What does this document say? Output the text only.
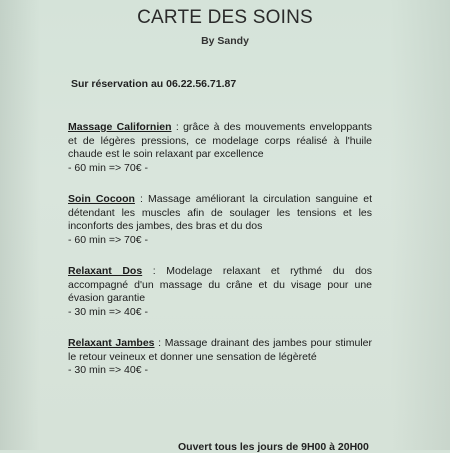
CARTE DES SOINS
By Sandy
Sur réservation au 06.22.56.71.87

Massage Californien : grâce à des mouvements enveloppants et de légères pressions, ce modelage corps réalisé à l'huile chaude est le soin relaxant par excellence

- 60 min => 70€ -

Soin Cocoon : Massage améliorant la circulation sanguine et détendant les muscles afin de soulager les tensions et les inconforts des jambes, des bras et du dos

- 60 min => 70€ -

Relaxant Dos : Modelage relaxant et rythmé du dos accompagné d'un massage du crâne et du visage pour une évasion garantie

- 30 min => 40€ -

Relaxant Jambes : Massage drainant des jambes pour stimuler le retour veineux et donner une sensation de légèreté

- 30 min => 40€ -
Ouvert tous les jours de 9H00 à 20H00
